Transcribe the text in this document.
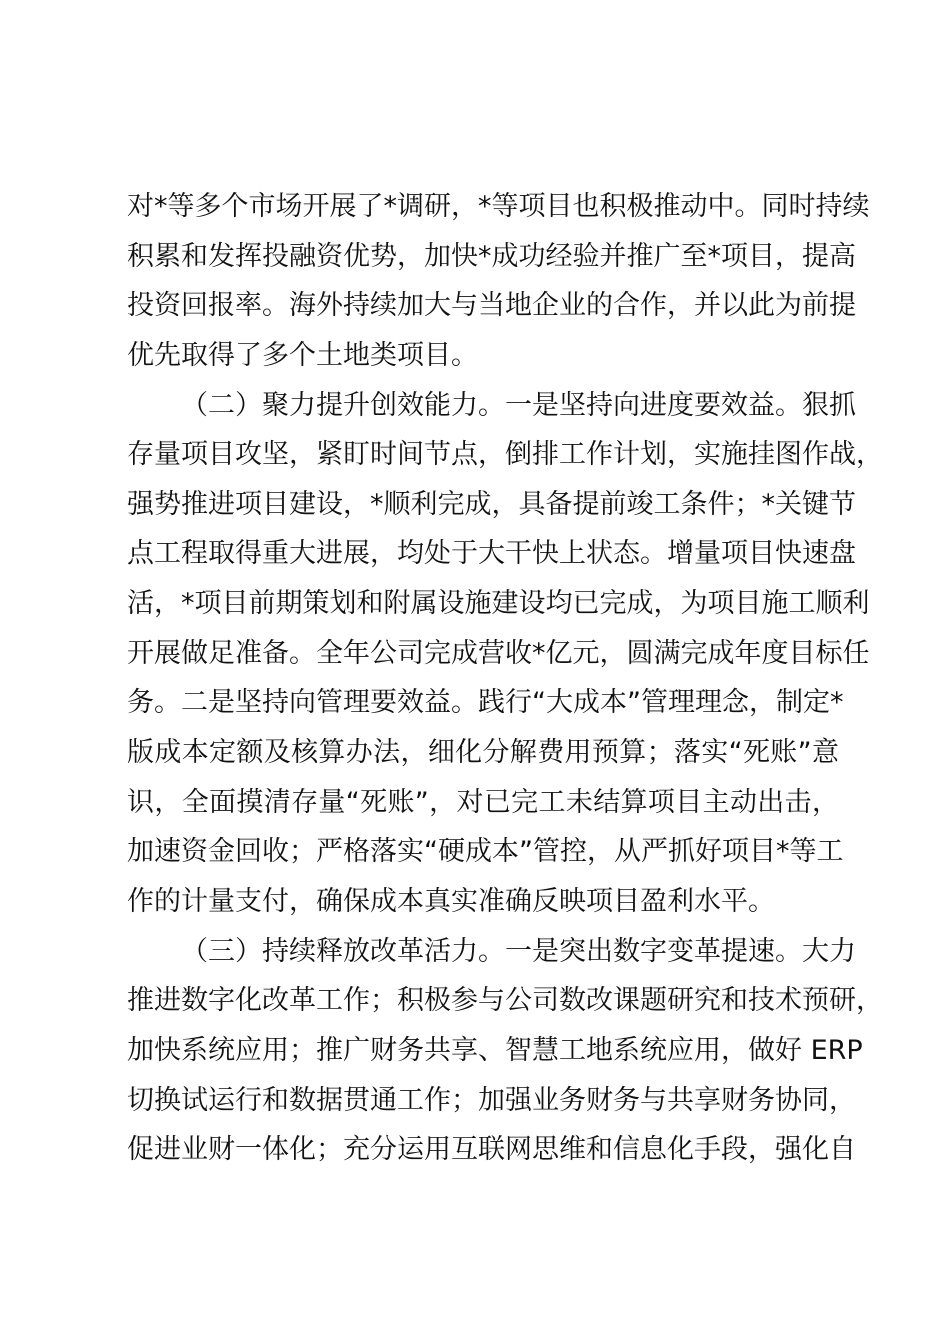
对*等多个市场开展了*调研，*等项目也积极推动中。同时持续
积累和发挥投融资优势，加快*成功经验并推广至*项目，提高
投资回报率。海外持续加大与当地企业的合作，并以此为前提
优先取得了多个土地类项目。
（二）聚力提升创效能力。一是坚持向进度要效益。狠抓
存量项目攻坚，紧盯时间节点，倒排工作计划，实施挂图作战，
强势推进项目建设，*顺利完成，具备提前竣工条件；*关键节
点工程取得重大进展，均处于大干快上状态。增量项目快速盘
活，*项目前期策划和附属设施建设均已完成，为项目施工顺利
开展做足准备。全年公司完成营收*亿元，圆满完成年度目标任
务。二是坚持向管理要效益。践行“大成本”管理理念，制定*
版成本定额及核算办法，细化分解费用预算；落实“死账”意
识，全面摸清存量“死账”，对已完工未结算项目主动出击，
加速资金回收；严格落实“硬成本”管控，从严抓好项目*等工
作的计量支付，确保成本真实准确反映项目盈利水平。
（三）持续释放改革活力。一是突出数字变革提速。大力
推进数字化改革工作；积极参与公司数改课题研究和技术预研，
加快系统应用；推广财务共享、智慧工地系统应用，做好 ERP
切换试运行和数据贯通工作；加强业务财务与共享财务协同，
促进业财一体化；充分运用互联网思维和信息化手段，强化自
